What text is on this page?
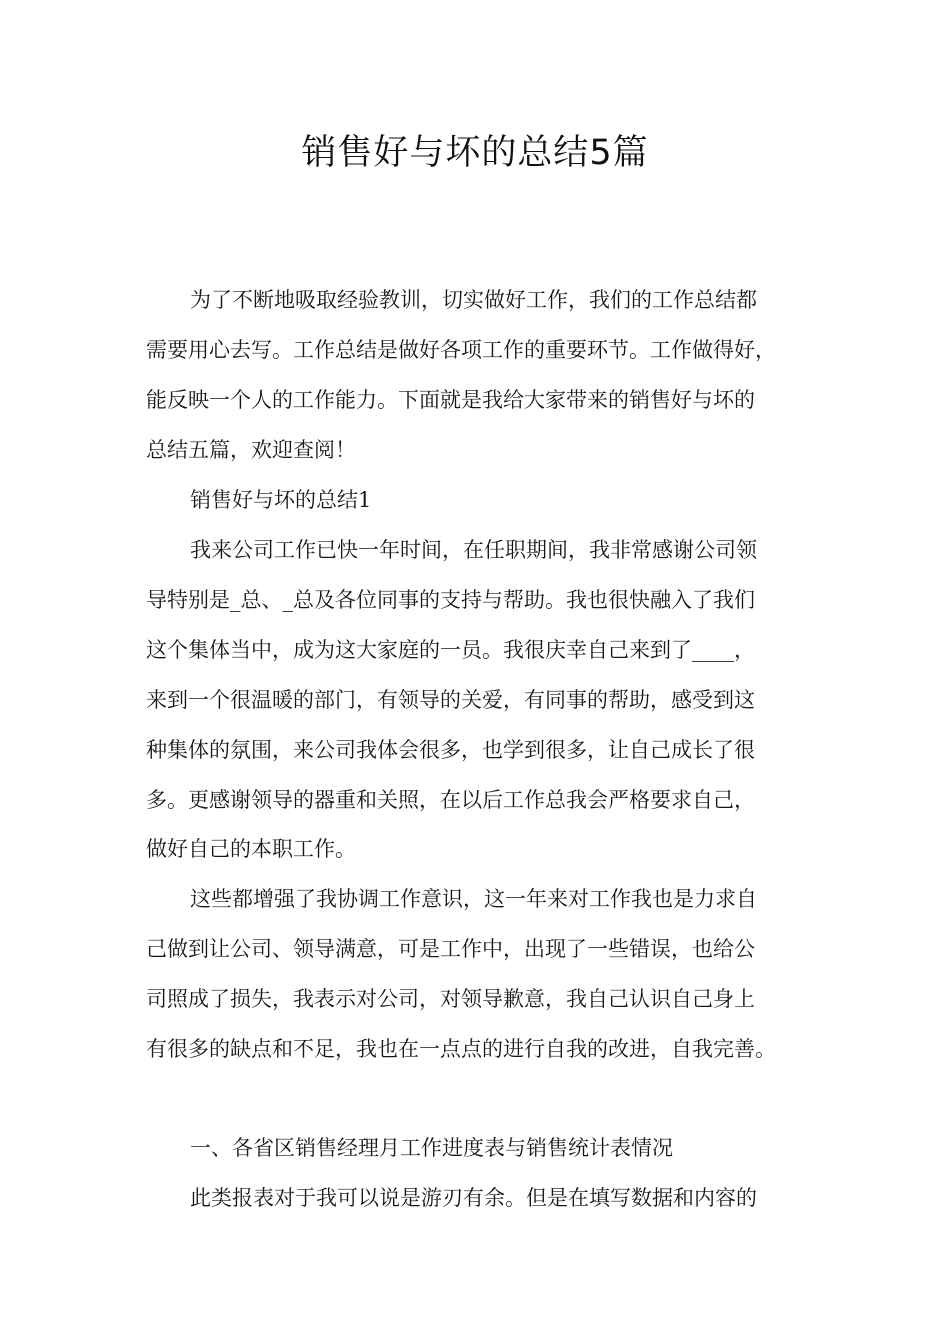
销售好与坏的总结5篇
为了不断地吸取经验教训，切实做好工作，我们的工作总结都
需要用心去写。工作总结是做好各项工作的重要环节。工作做得好，
能反映一个人的工作能力。下面就是我给大家带来的销售好与坏的
总结五篇，欢迎查阅！
销售好与坏的总结1
我来公司工作已快一年时间，在任职期间，我非常感谢公司领
导特别是_总、_总及各位同事的支持与帮助。我也很快融入了我们
这个集体当中，成为这大家庭的一员。我很庆幸自己来到了____，
来到一个很温暖的部门，有领导的关爱，有同事的帮助，感受到这
种集体的氛围，来公司我体会很多，也学到很多，让自己成长了很
多。更感谢领导的器重和关照，在以后工作总我会严格要求自己，
做好自己的本职工作。
这些都增强了我协调工作意识，这一年来对工作我也是力求自
己做到让公司、领导满意，可是工作中，出现了一些错误，也给公
司照成了损失，我表示对公司，对领导歉意，我自己认识自己身上
有很多的缺点和不足，我也在一点点的进行自我的改进，自我完善。
一、各省区销售经理月工作进度表与销售统计表情况
此类报表对于我可以说是游刃有余。但是在填写数据和内容的
